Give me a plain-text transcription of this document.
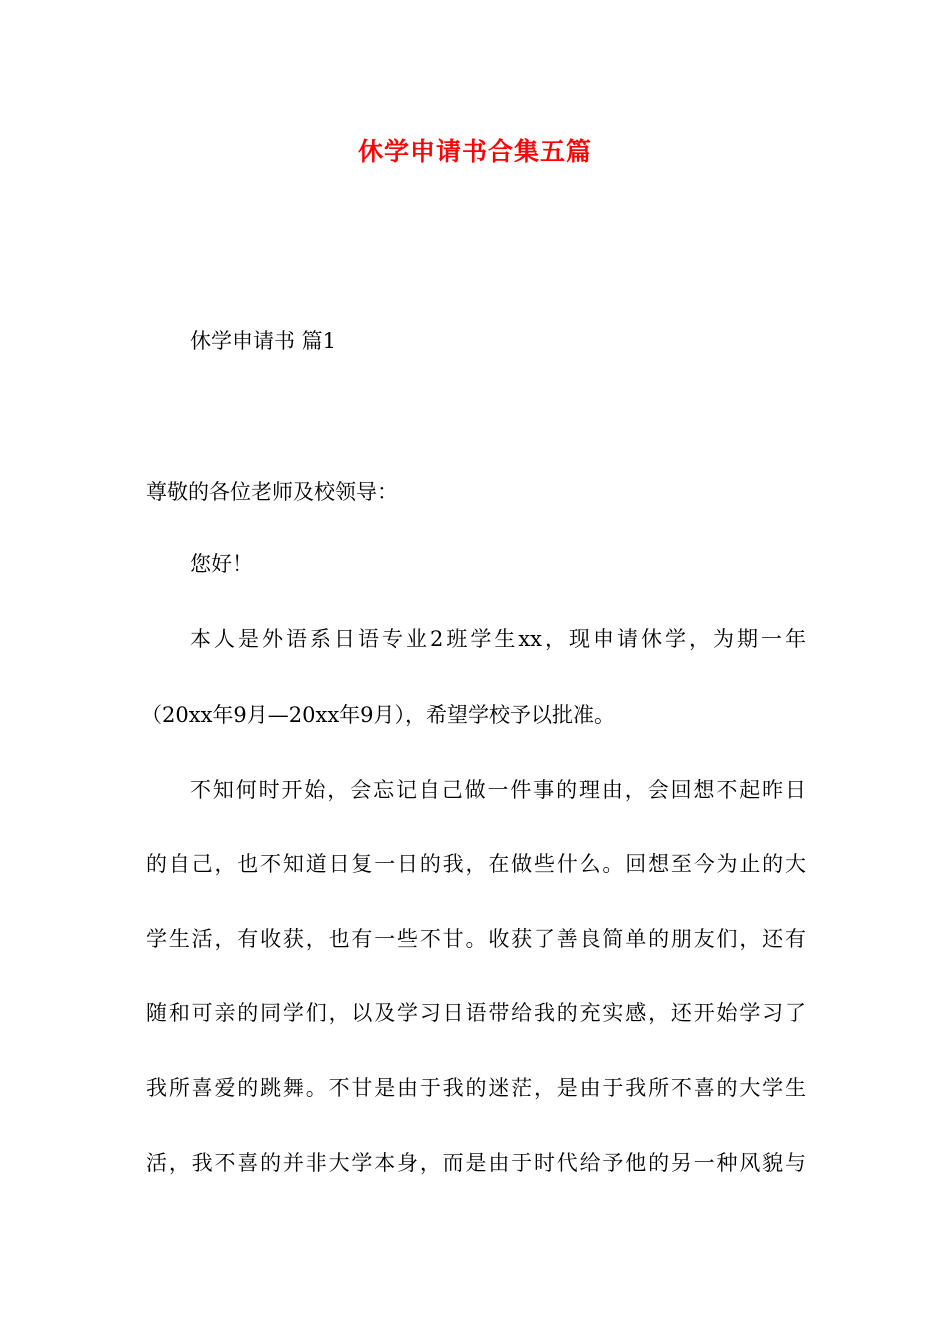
休学申请书合集五篇
休学申请书 篇1
尊敬的各位老师及校领导：
您好！
本人是外语系日语专业2班学生xx，现申请休学，为期一年
（20xx年9月—20xx年9月），希望学校予以批准。
不知何时开始，会忘记自己做一件事的理由，会回想不起昨日
的自己，也不知道日复一日的我，在做些什么。回想至今为止的大
学生活，有收获，也有一些不甘。收获了善良简单的朋友们，还有
随和可亲的同学们，以及学习日语带给我的充实感，还开始学习了
我所喜爱的跳舞。不甘是由于我的迷茫，是由于我所不喜的大学生
活，我不喜的并非大学本身，而是由于时代给予他的另一种风貌与
